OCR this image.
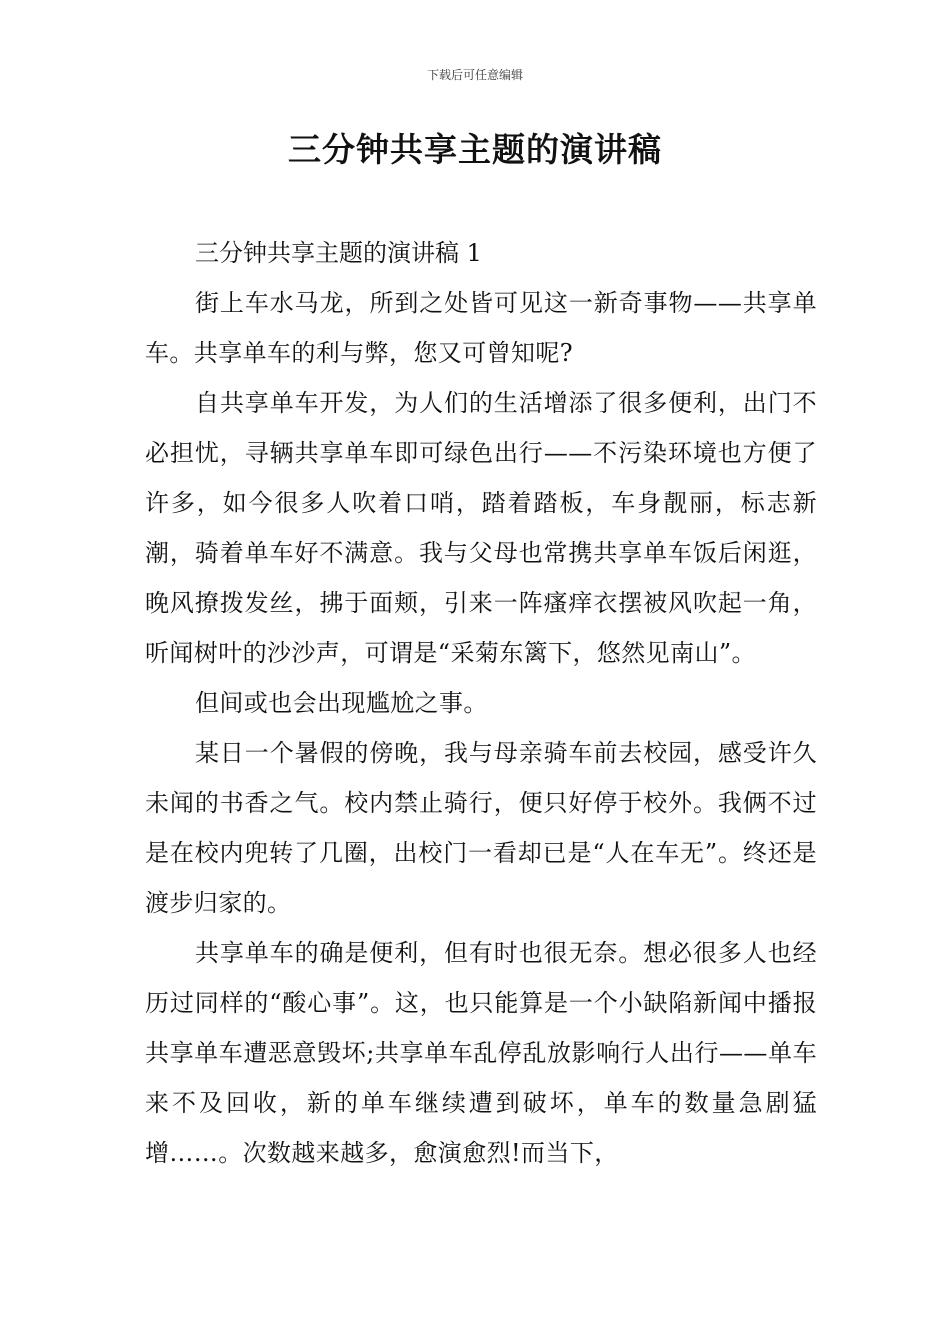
下载后可任意编辑
三分钟共享主题的演讲稿

三分钟共享主题的演讲稿 1

街上车水马龙，所到之处皆可见这一新奇事物——共享单车。共享单车的利与弊，您又可曾知呢?

自共享单车开发，为人们的生活增添了很多便利，出门不必担忧，寻辆共享单车即可绿色出行——不污染环境也方便了许多，如今很多人吹着口哨，踏着踏板，车身靓丽，标志新潮，骑着单车好不满意。我与父母也常携共享单车饭后闲逛，晚风撩拨发丝，拂于面颊，引来一阵瘙痒衣摆被风吹起一角，听闻树叶的沙沙声，可谓是“采菊东篱下，悠然见南山”。

但间或也会出现尴尬之事。

某日一个暑假的傍晚，我与母亲骑车前去校园，感受许久未闻的书香之气。校内禁止骑行，便只好停于校外。我俩不过是在校内兜转了几圈，出校门一看却已是“人在车无”。终还是渡步归家的。

共享单车的确是便利，但有时也很无奈。想必很多人也经历过同样的“酸心事”。这，也只能算是一个小缺陷新闻中播报共享单车遭恶意毁坏;共享单车乱停乱放影响行人出行——单车来不及回收，新的单车继续遭到破坏，单车的数量急剧猛增……。次数越来越多，愈演愈烈!而当下，
